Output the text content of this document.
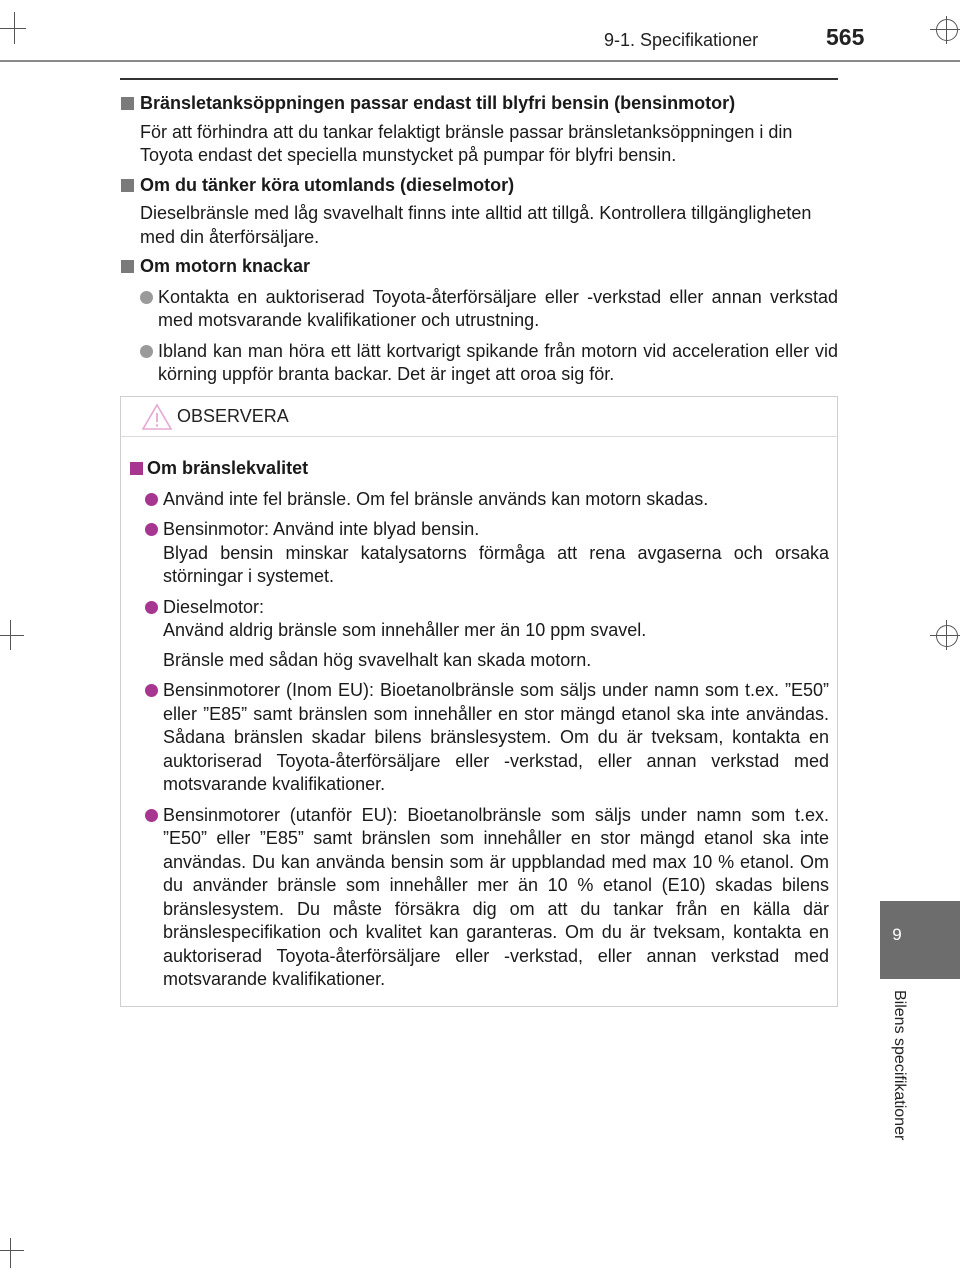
9-1. Specifikationer	565
Bränsletanksöppningen passar endast till blyfri bensin (bensinmotor)
För att förhindra att du tankar felaktigt bränsle passar bränsletanksöppningen i din Toyota endast det speciella munstycket på pumpar för blyfri bensin.
Om du tänker köra utomlands (dieselmotor)
Dieselbränsle med låg svavelhalt finns inte alltid att tillgå. Kontrollera tillgängligheten med din återförsäljare.
Om motorn knackar
Kontakta en auktoriserad Toyota-återförsäljare eller -verkstad eller annan verkstad med motsvarande kvalifikationer och utrustning.
Ibland kan man höra ett lätt kortvarigt spikande från motorn vid acceleration eller vid körning uppför branta backar. Det är inget att oroa sig för.
OBSERVERA
Om bränslekvalitet
Använd inte fel bränsle. Om fel bränsle används kan motorn skadas.
Bensinmotor: Använd inte blyad bensin.
Blyad bensin minskar katalysatorns förmåga att rena avgaserna och orsaka störningar i systemet.
Dieselmotor:
Använd aldrig bränsle som innehåller mer än 10 ppm svavel.
Bränsle med sådan hög svavelhalt kan skada motorn.
Bensinmotorer (Inom EU): Bioetanolbränsle som säljs under namn som t.ex. ”E50” eller ”E85” samt bränslen som innehåller en stor mängd etanol ska inte användas. Sådana bränslen skadar bilens bränslesystem. Om du är tveksam, kontakta en auktoriserad Toyota-återförsäljare eller -verkstad, eller annan verkstad med motsvarande kvalifikationer.
Bensinmotorer (utanför EU): Bioetanolbränsle som säljs under namn som t.ex. ”E50” eller ”E85” samt bränslen som innehåller en stor mängd etanol ska inte användas. Du kan använda bensin som är uppblandad med max 10 % etanol. Om du använder bränsle som innehåller mer än 10 % etanol (E10) skadas bilens bränslesystem. Du måste försäkra dig om att du tankar från en källa där bränslespecifikation och kvalitet kan garanteras. Om du är tveksam, kontakta en auktoriserad Toyota-återförsäljare eller -verkstad, eller annan verkstad med motsvarande kvalifikationer.
9
Bilens specifikationer
